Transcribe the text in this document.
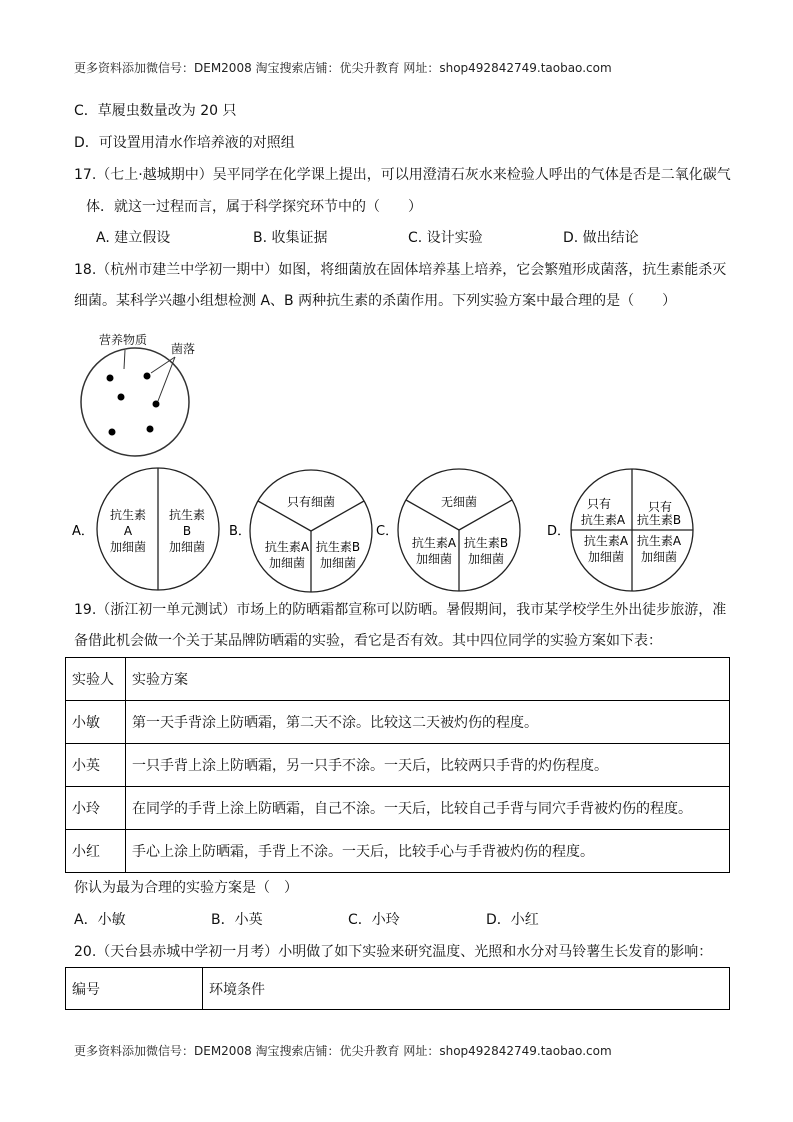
更多资料添加微信号：DEM2008 淘宝搜索店铺：优尖升教育 网址：shop492842749.taobao.com
C．草履虫数量改为 20 只
D．可设置用清水作培养液的对照组
17.（七上·越城期中）吴平同学在化学课上提出，可以用澄清石灰水来检验人呼出的气体是否是二氧化碳气
体．就这一过程而言，属于科学探究环节中的（　　）
A. 建立假设	B. 收集证据	C. 设计实验	D. 做出结论
18.（杭州市建兰中学初一期中）如图，将细菌放在固体培养基上培养，它会繁殖形成菌落，抗生素能杀灭
细菌。某科学兴趣小组想检测 A、B 两种抗生素的杀菌作用。下列实验方案中最合理的是（　　）
营养物质
菌落
A．	B．	C．	D．
抗生素
A
加细菌
抗生素
B
加细菌
只有细菌
抗生素A
加细菌
抗生素B
加细菌
无细菌
抗生素A
加细菌
抗生素B
加细菌
只有
抗生素A
只有
抗生素B
抗生素A
加细菌
抗生素A
加细菌
19.（浙江初一单元测试）市场上的防晒霜都宣称可以防晒。暑假期间，我市某学校学生外出徒步旅游，准
备借此机会做一个关于某品牌防晒霜的实验，看它是否有效。其中四位同学的实验方案如下表：
实验人	实验方案
小敏	第一天手背涂上防晒霜，第二天不涂。比较这二天被灼伤的程度。
小英	一只手背上涂上防晒霜，另一只手不涂。一天后，比较两只手背的灼伤程度。
小玲	在同学的手背上涂上防晒霜，自己不涂。一天后，比较自己手背与同穴手背被灼伤的程度。
小红	手心上涂上防晒霜，手背上不涂。一天后，比较手心与手背被灼伤的程度。
你认为最为合理的实验方案是（　）
A．小敏	B．小英	C．小玲	D．小红
20.（天台县赤城中学初一月考）小明做了如下实验来研究温度、光照和水分对马铃薯生长发育的影响：
编号	环境条件
更多资料添加微信号：DEM2008 淘宝搜索店铺：优尖升教育 网址：shop492842749.taobao.com
